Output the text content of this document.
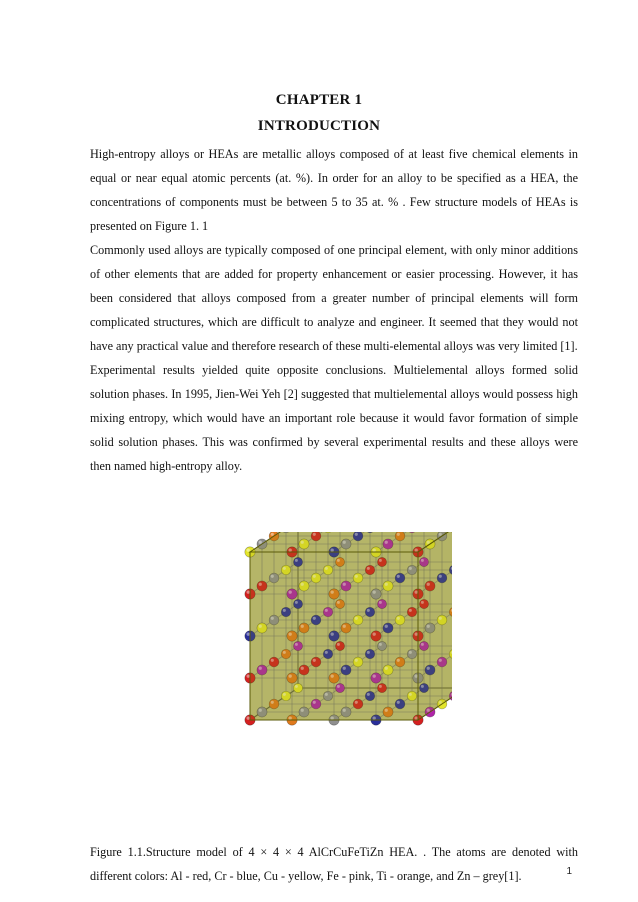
CHAPTER 1
INTRODUCTION

High-entropy alloys or HEAs are metallic alloys composed of at least five chemical elements in equal or near equal atomic percents (at. %). In order for an alloy to be specified as a HEA, the concentrations of components must be between 5 to 35 at. % . Few structure models of HEAs is presented on Figure 1. 1

Commonly used alloys are typically composed of one principal element, with only minor additions of other elements that are added for property enhancement or easier processing. However, it has been considered that alloys composed from a greater number of principal elements will form complicated structures, which are difficult to analyze and engineer. It seemed that they would not have any practical value and therefore research of these multi-elemental alloys was very limited [1].

Experimental results yielded quite opposite conclusions. Multielemental alloys formed solid solution phases. In 1995, Jien-Wei Yeh [2] suggested that multielemental alloys would possess high mixing entropy, which would have an important role because it would favor formation of simple solid solution phases. This was confirmed by several experimental results and these alloys were then named high-entropy alloy.

Figure 1.1.Structure model of 4 × 4 × 4 AlCrCuFeTiZn HEA. . The atoms are denoted with different colors: Al - red, Cr - blue, Cu - yellow, Fe - pink, Ti - orange, and Zn – grey[1].	1
